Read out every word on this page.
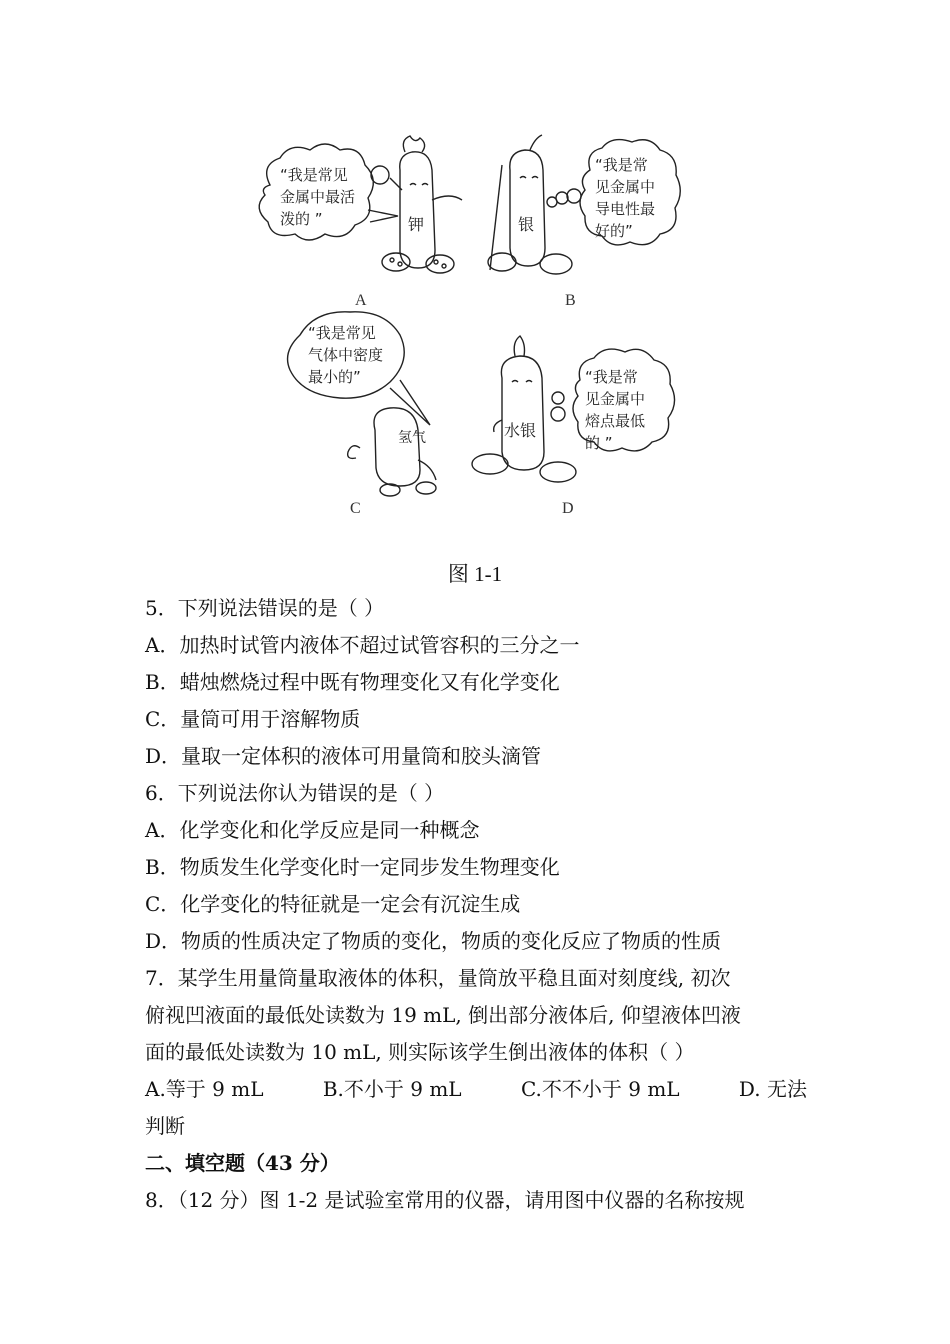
“我是常见
金属中最活
泼的 ”
“我是常
见金属中
导电性最
好的”
“我是常见
气体中密度
最小的”	“我是常
见金属中
熔点最低
的 ”
钾	银
氢气	水银
A	B
C	D
图 1-1
5．下列说法错误的是（ ）
A．加热时试管内液体不超过试管容积的三分之一
B．蜡烛燃烧过程中既有物理变化又有化学变化
C．量筒可用于溶解物质
D．量取一定体积的液体可用量筒和胶头滴管
6．下列说法你认为错误的是（ ）
A．化学变化和化学反应是同一种概念
B．物质发生化学变化时一定同步发生物理变化
C．化学变化的特征就是一定会有沉淀生成
D．物质的性质决定了物质的变化，物质的变化反应了物质的性质
7．某学生用量筒量取液体的体积，量筒放平稳且面对刻度线, 初次
俯视凹液面的最低处读数为 19 mL, 倒出部分液体后, 仰望液体凹液
面的最低处读数为 10 mL, 则实际该学生倒出液体的体积（ ）
A.等于 9 mL	B.不小于 9 mL	C.不不小于 9 mL	D. 无法
判断
二、填空题（43 分）
8．（12 分）图 1-2 是试验室常用的仪器，请用图中仪器的名称按规
